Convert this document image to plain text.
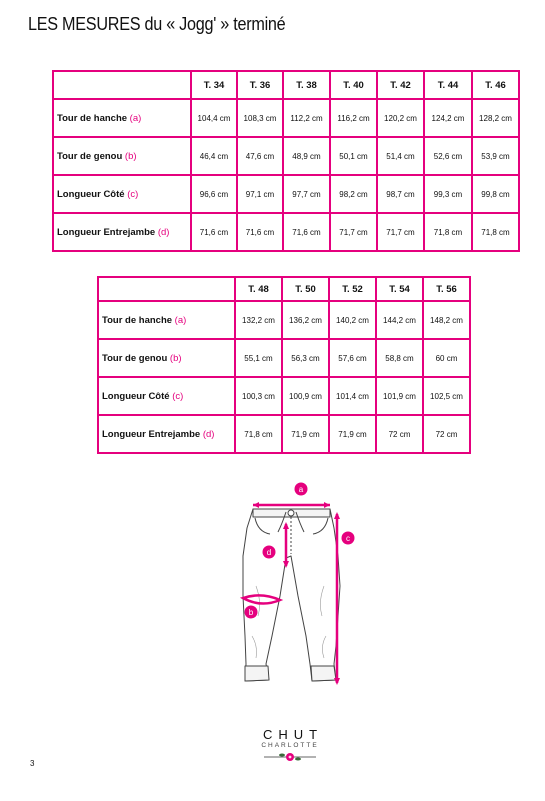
LES MESURES du « Jogg' » terminé
	T. 34	T. 36	T. 38	T. 40	T. 42	T. 44	T. 46
Tour de hanche (a)	104,4 cm	108,3 cm	112,2 cm	116,2 cm	120,2 cm	124,2 cm	128,2 cm
Tour de genou (b)	46,4 cm	47,6 cm	48,9 cm	50,1 cm	51,4 cm	52,6 cm	53,9 cm
Longueur Côté (c)	96,6 cm	97,1 cm	97,7 cm	98,2 cm	98,7 cm	99,3 cm	99,8 cm
Longueur Entrejambe (d)	71,6 cm	71,6 cm	71,6 cm	71,7 cm	71,7 cm	71,8 cm	71,8 cm
	T. 48	T. 50	T. 52	T. 54	T. 56
Tour de hanche (a)	132,2 cm	136,2 cm	140,2 cm	144,2 cm	148,2 cm
Tour de genou (b)	55,1 cm	56,3 cm	57,6 cm	58,8 cm	60 cm
Longueur Côté (c)	100,3 cm	100,9 cm	101,4 cm	101,9 cm	102,5 cm
Longueur Entrejambe (d)	71,8 cm	71,9 cm	71,9 cm	72 cm	72 cm
a
b
c
d
CHUT
CHARLOTTE
3
